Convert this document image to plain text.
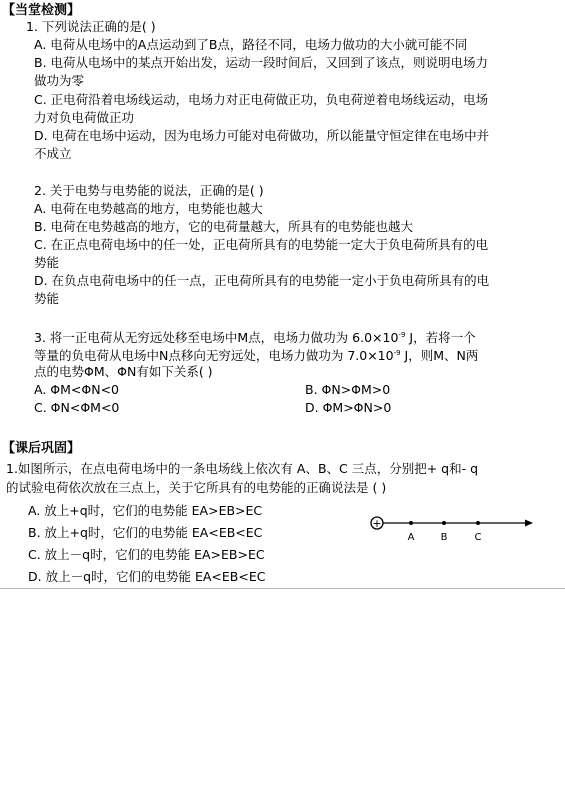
【当堂检测】
1. 下列说法正确的是( )
A. 电荷从电场中的A点运动到了B点，路径不同，电场力做功的大小就可能不同
B. 电荷从电场中的某点开始出发，运动一段时间后，又回到了该点，则说明电场力
做功为零
C. 正电荷沿着电场线运动，电场力对正电荷做正功，负电荷逆着电场线运动，电场
力对负电荷做正功
D. 电荷在电场中运动，因为电场力可能对电荷做功，所以能量守恒定律在电场中并
不成立
2. 关于电势与电势能的说法，正确的是( )
A. 电荷在电势越高的地方，电势能也越大
B. 电荷在电势越高的地方，它的电荷量越大，所具有的电势能也越大
C. 在正点电荷电场中的任一处，正电荷所具有的电势能一定大于负电荷所具有的电
势能
D. 在负点电荷电场中的任一点，正电荷所具有的电势能一定小于负电荷所具有的电
势能
3. 将一正电荷从无穷远处移至电场中M点，电场力做功为 $6.0\times 10^{-9}$ J，若将一个
等量的负电荷从电场中N点移向无穷远处，电场力做功为 $7.0\times 10^{-9}$ J，则M、N两
点的电势ΦM、ΦN有如下关系( )
A. ΦM<ΦN<0	B. ΦN>ΦM>0
C. ΦN<ΦM<0	D. ΦM>ΦN>0
【课后巩固】
1.如图所示，在点电荷电场中的一条电场线上依次有 A、B、C 三点，分别把+ q和- q
的试验电荷依次放在三点上，关于它所具有的电势能的正确说法是 ( )
A. 放上+q时，它们的电势能 EA>EB>EC
B. 放上+q时，它们的电势能 EA<EB<EC
C. 放上－q时，它们的电势能 EA>EB>EC
D. 放上－q时，它们的电势能 EA<EB<EC
+
A	B	C
